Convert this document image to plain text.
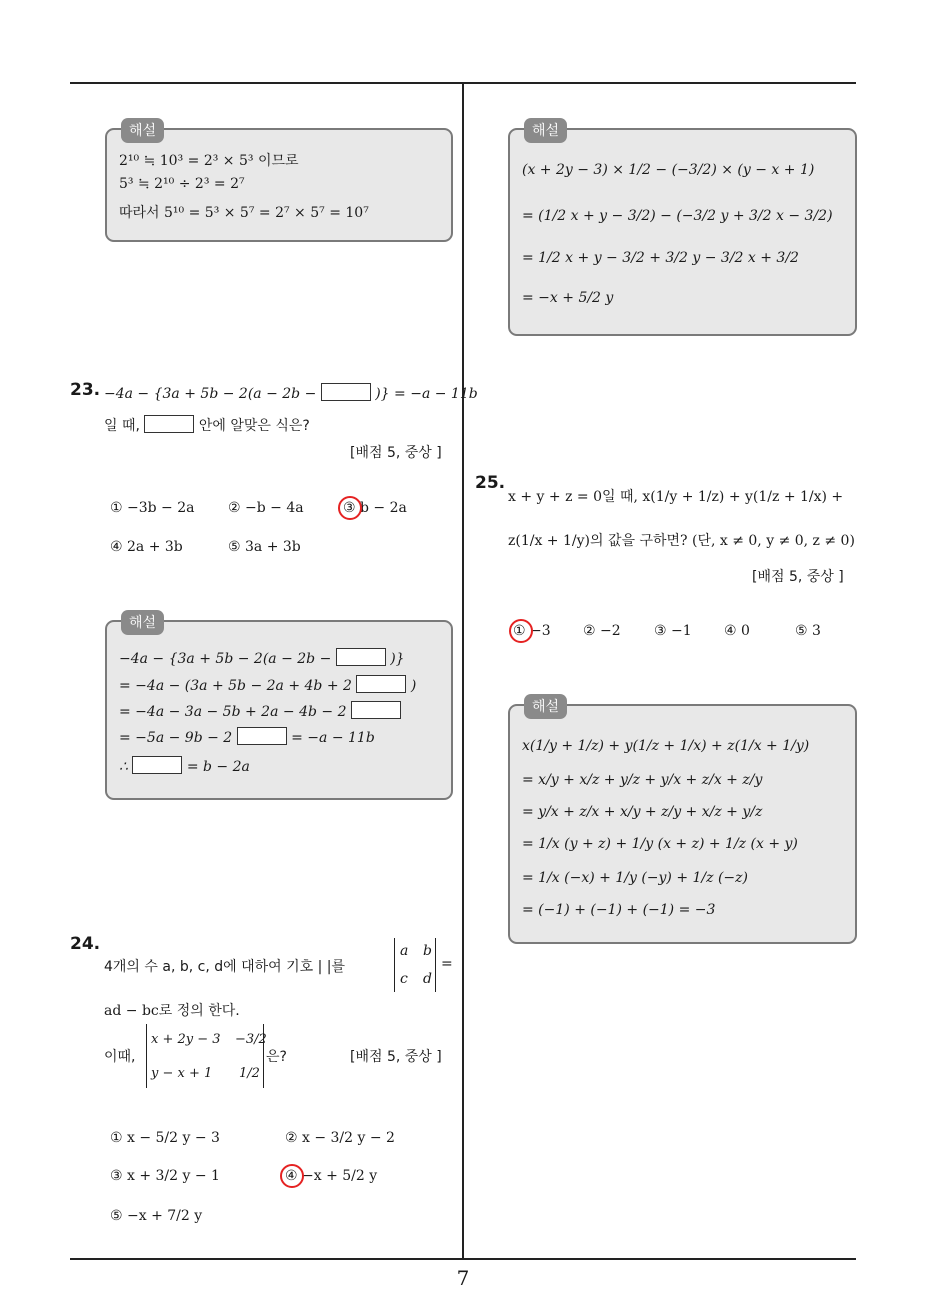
7
해설
2¹⁰ ≒ 10³ = 2³ × 5³ 이므로
5³ ≒ 2¹⁰ ÷ 2³ = 2⁷
따라서 5¹⁰ = 5³ × 5⁷ = 2⁷ × 5⁷ = 10⁷
23. −4a − {3a + 5b − 2(a − 2b −	)} = −a − 11b
일 때,	안에 알맞은 식은?
[배점 5, 중상 ]
① −3b − 2a ② −b − 4a	③ b − 2a
④ 2a + 3b	⑤ 3a + 3b
해설
−4a − {3a + 5b − 2(a − 2b −	)}
= −4a − (3a + 5b − 2a + 4b + 2	)
= −4a − 3a − 5b + 2a − 4b − 2
= −5a − 9b − 2	= −a − 11b
∴	= b − 2a
24.
4개의 수 a, b, c, d에 대하여 기호 | |를
a b
c d
=
ad − bc로 정의 한다.
이때,
x + 2y − 3 −3/2
y − x + 1 1/2
은?	[배점 5, 중상 ]
① x − 5/2 y − 3	② x − 3/2 y − 2
③ x + 3/2 y − 1	④ −x + 5/2 y
⑤ −x + 7/2 y
해설
(x + 2y − 3) × 1/2 − (−3/2) × (y − x + 1)
= (1/2 x + y − 3/2) − (−3/2 y + 3/2 x − 3/2)
= 1/2 x + y − 3/2 + 3/2 y − 3/2 x + 3/2
= −x + 5/2 y
25.
x + y + z = 0일 때, x(1/y + 1/z) + y(1/z + 1/x) +
z(1/x + 1/y)의 값을 구하면? (단, x ≠ 0, y ≠ 0, z ≠ 0)
[배점 5, 중상 ]
① −3 ② −2 ③ −1 ④ 0	⑤ 3
해설
x(1/y + 1/z) + y(1/z + 1/x) + z(1/x + 1/y)
= x/y + x/z + y/z + y/x + z/x + z/y
= y/x + z/x + x/y + z/y + x/z + y/z
= 1/x (y + z) + 1/y (x + z) + 1/z (x + y)
= 1/x (−x) + 1/y (−y) + 1/z (−z)
= (−1) + (−1) + (−1) = −3
